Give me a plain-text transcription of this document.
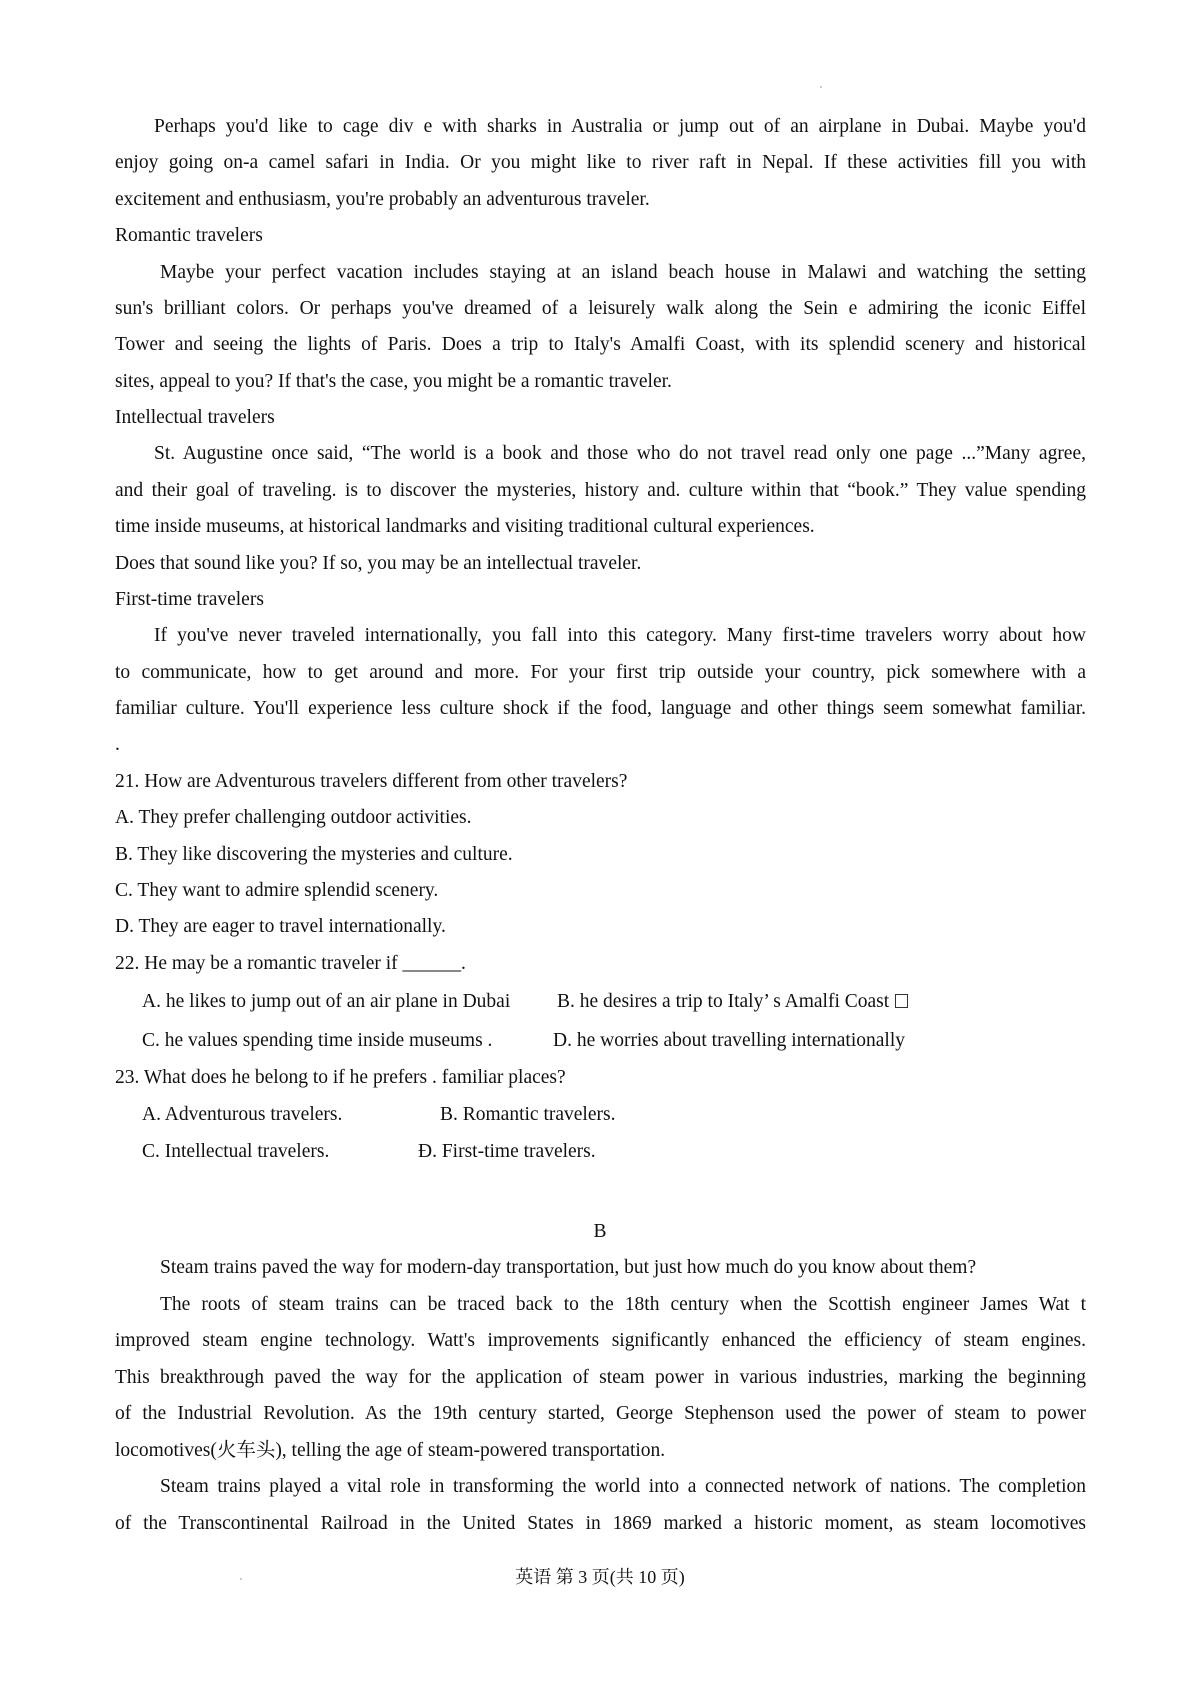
Perhaps you'd like to cage div e with sharks in Australia or jump out of an airplane in Dubai. Maybe you'd
enjoy going on-a camel safari in India. Or you might like to river raft in Nepal. If these activities fill you with
excitement and enthusiasm, you're probably an adventurous traveler.
Romantic travelers
Maybe your perfect vacation includes staying at an island beach house in Malawi and watching the setting
sun's brilliant colors. Or perhaps you've dreamed of a leisurely walk along the Sein e admiring the iconic Eiffel
Tower and seeing the lights of Paris. Does a trip to Italy's Amalfi Coast, with its splendid scenery and historical
sites, appeal to you? If that's the case, you might be a romantic traveler.
Intellectual travelers
St. Augustine once said, “The world is a book and those who do not travel read only one page ...”Many agree,
and their goal of traveling. is to discover the mysteries, history and. culture within that “book.” They value spending
time inside museums, at historical landmarks and visiting traditional cultural experiences.
Does that sound like you? If so, you may be an intellectual traveler.
First-time travelers
If you've never traveled internationally, you fall into this category. Many first-time travelers worry about how
to communicate, how to get around and more. For your first trip outside your country, pick somewhere with a
familiar culture. You'll experience less culture shock if the food, language and other things seem somewhat familiar.
.
21. How are Adventurous travelers different from other travelers?
A. They prefer challenging outdoor activities.
B. They like discovering the mysteries and culture.
C. They want to admire splendid scenery.
D. They are eager to travel internationally.
22. He may be a romantic traveler if ______.
A. he likes to jump out of an air plane in Dubai B. he desires a trip to Italy’ s Amalfi Coast
C. he values spending time inside museums .	D. he worries about travelling internationally
23. What does he belong to if he prefers . familiar places?
A. Adventurous travelers.	B. Romantic travelers.
C. Intellectual travelers.	Đ. First-time travelers.
B
Steam trains paved the way for modern-day transportation, but just how much do you know about them?
The roots of steam trains can be traced back to the 18th century when the Scottish engineer James Wat t
improved steam engine technology. Watt's improvements significantly enhanced the efficiency of steam engines.
This breakthrough paved the way for the application of steam power in various industries, marking the beginning
of the Industrial Revolution. As the 19th century started, George Stephenson used the power of steam to power
locomotives(火车头), telling the age of steam-powered transportation.
Steam trains played a vital role in transforming the world into a connected network of nations. The completion
of the Transcontinental Railroad in the United States in 1869 marked a historic moment, as steam locomotives
英语 第 3 页(共 10 页)
